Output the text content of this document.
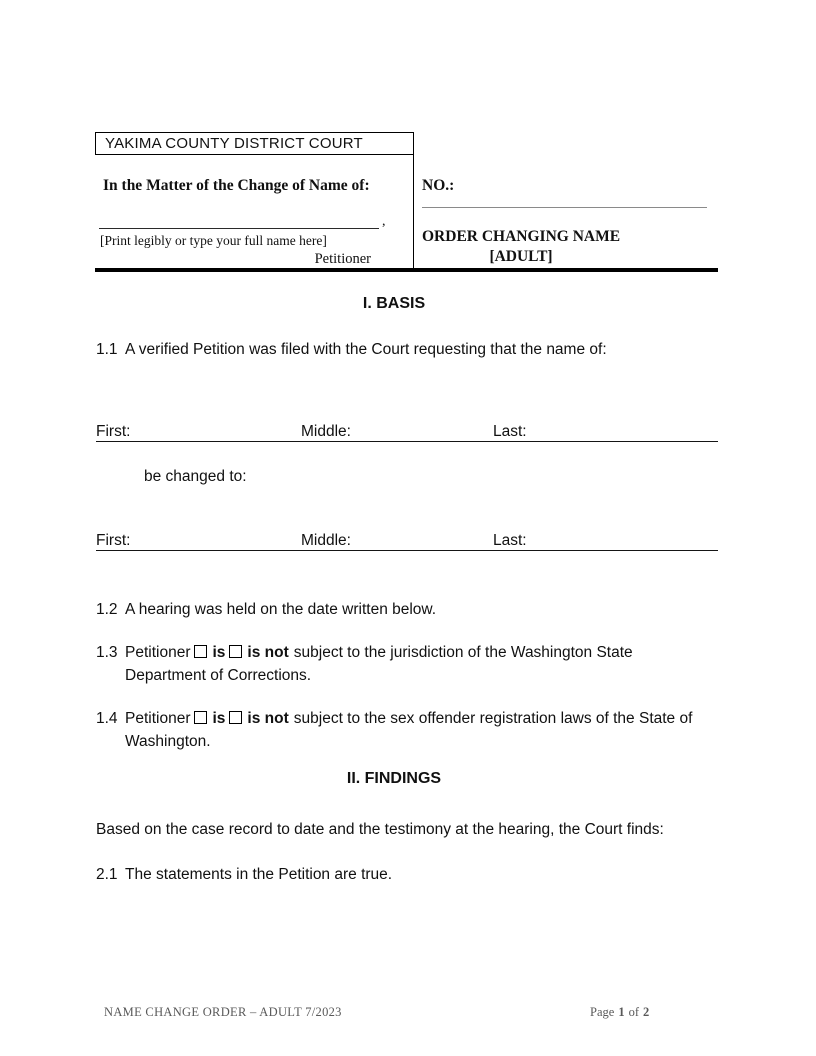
YAKIMA COUNTY DISTRICT COURT
In the Matter of the Change of Name of:
,
[Print legibly or type your full name here]
Petitioner
NO.:
ORDER CHANGING NAME
[ADULT]
I. BASIS
1.1 A verified Petition was filed with the Court requesting that the name of:
First:	Middle:	Last:
be changed to:
First:	Middle:	Last:
1.2 A hearing was held on the date written below.
1.3 Petitioner is is not subject to the jurisdiction of the Washington State
Department of Corrections.
1.4 Petitioner is is not subject to the sex offender registration laws of the State of
Washington.
II. FINDINGS
Based on the case record to date and the testimony at the hearing, the Court finds:
2.1 The statements in the Petition are true.
NAME CHANGE ORDER – ADULT 7/2023	Page 1 of 2
